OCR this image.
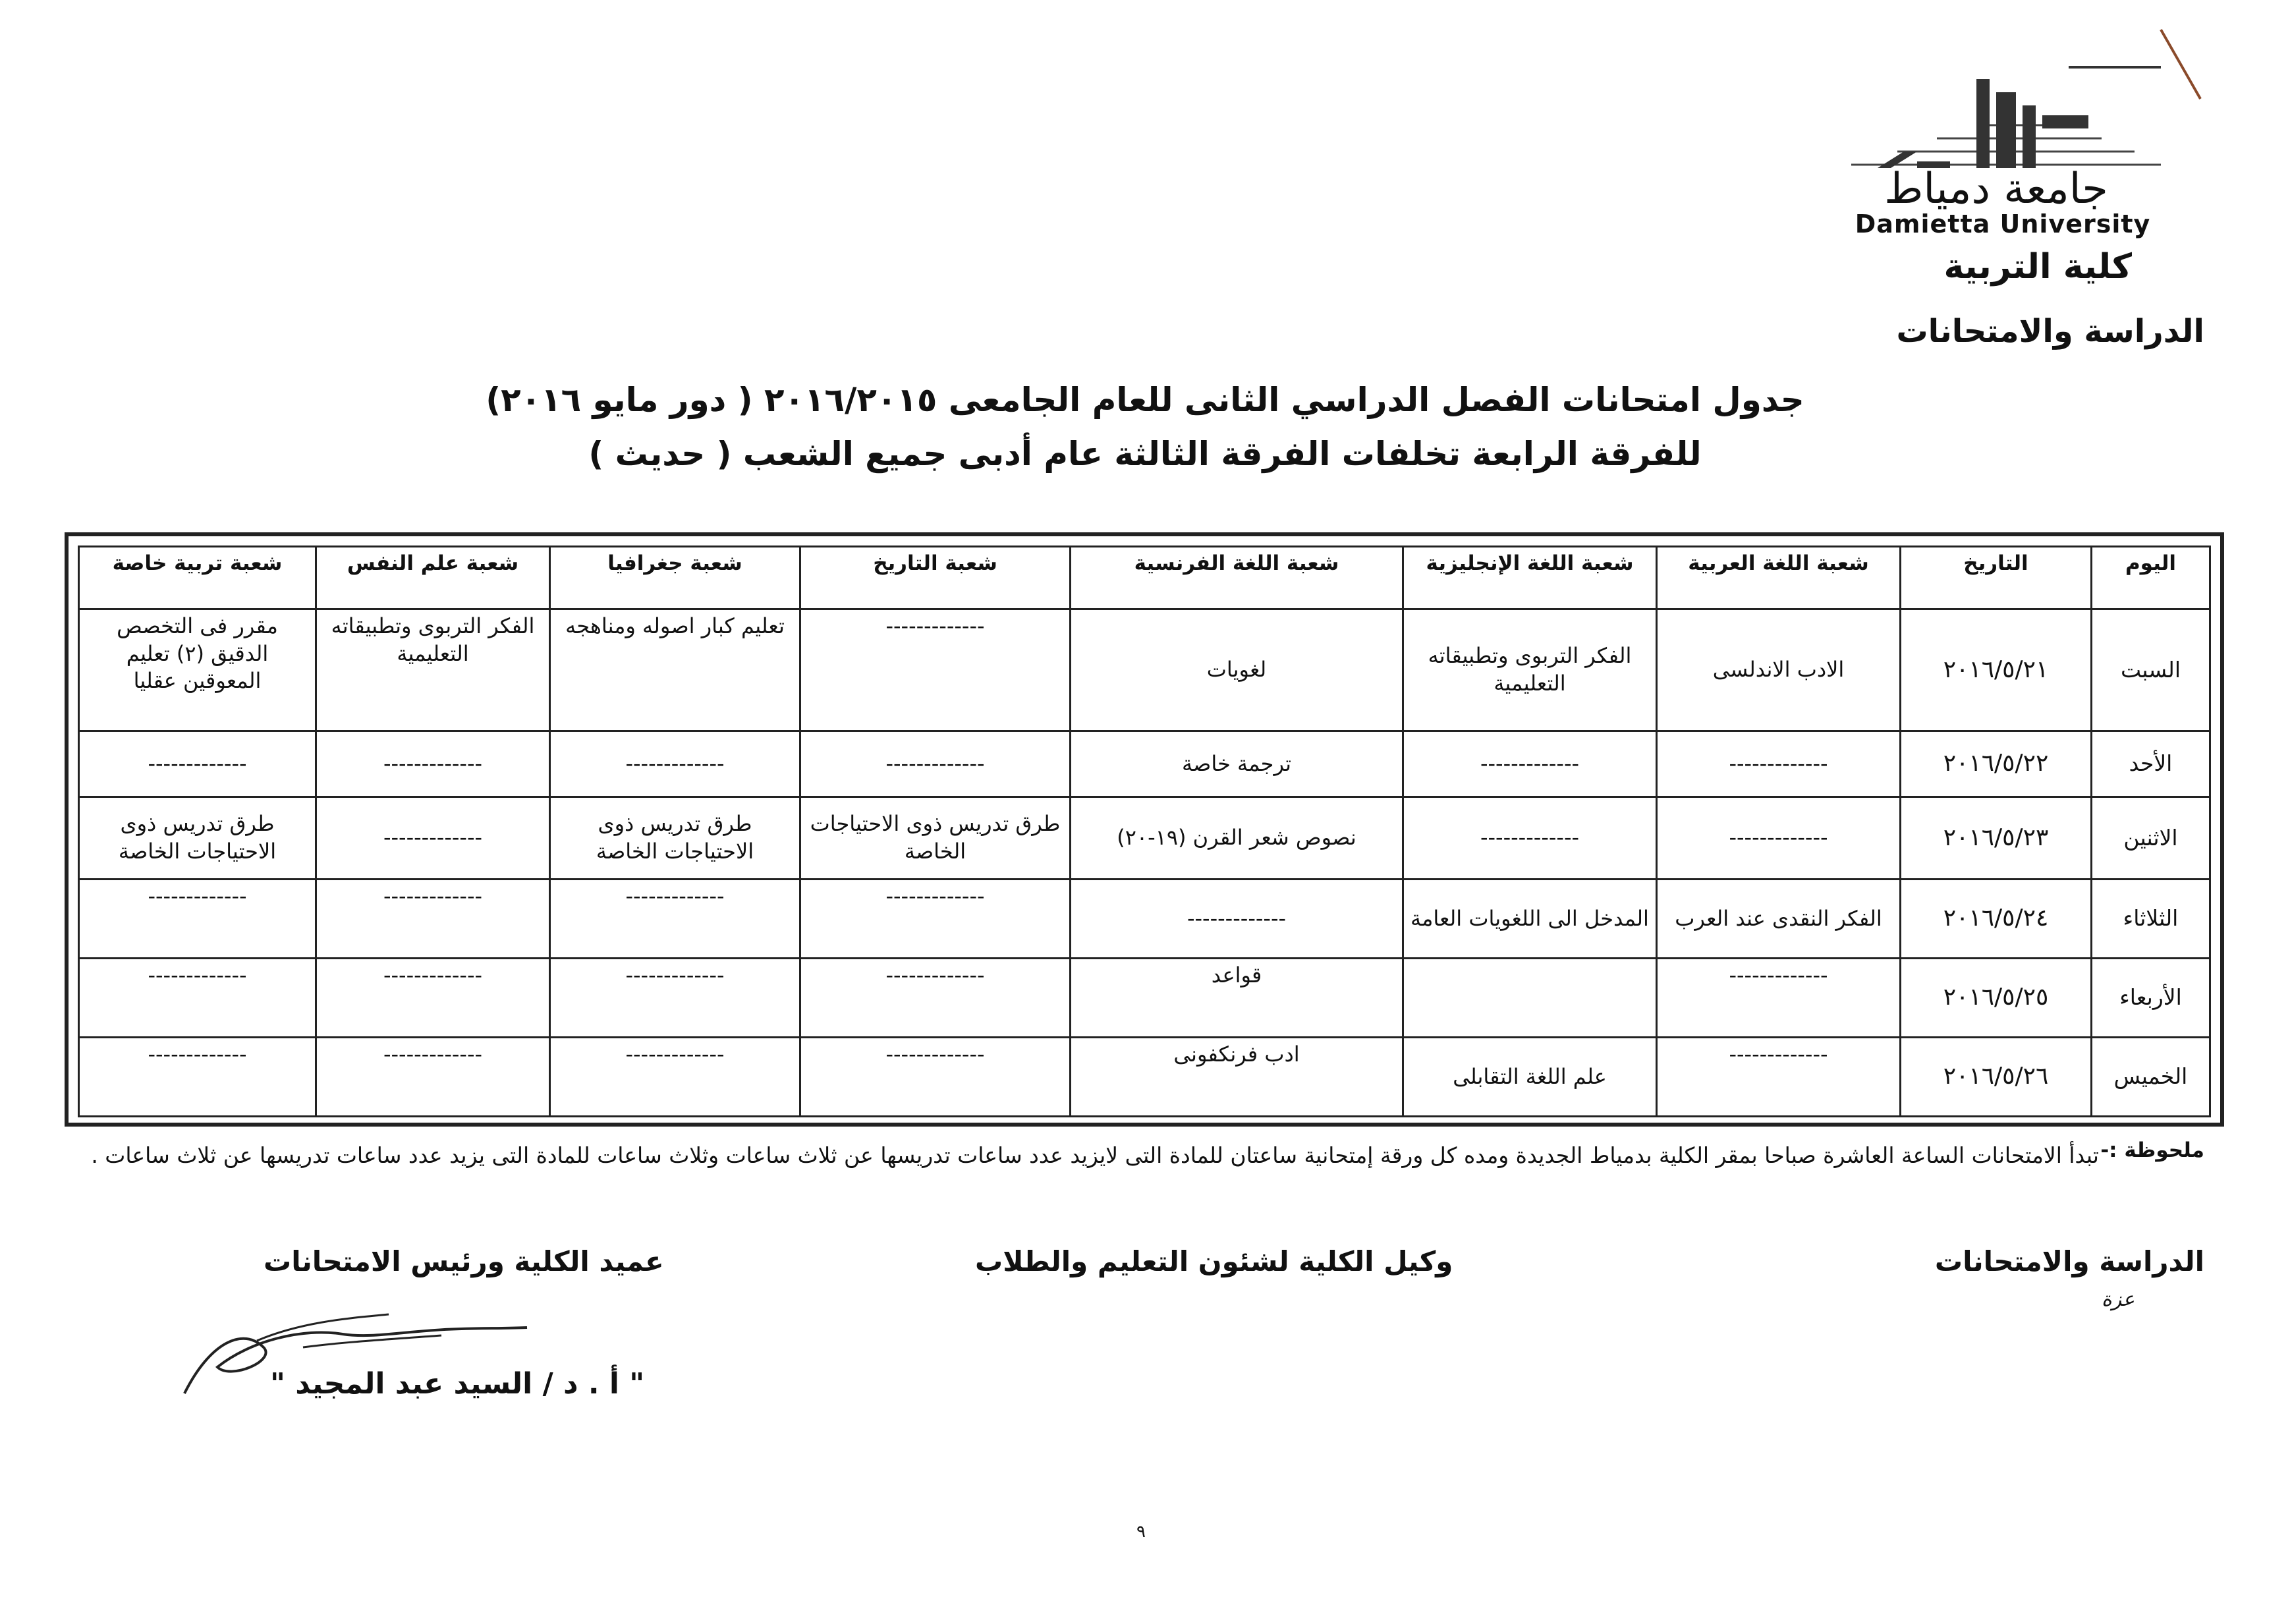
جامعة دمياط
Damietta University
كلية التربية
الدراسة والامتحانات
جدول امتحانات الفصل الدراسي الثانى للعام الجامعى ٢٠١٦/٢٠١٥ ( دور مايو ٢٠١٦)
للفرقة الرابعة تخلفات الفرقة الثالثة عام أدبى جميع الشعب ( حديث )
اليوم	التاريخ	شعبة اللغة العربية	شعبة اللغة الإنجليزية	شعبة اللغة الفرنسية	شعبة التاريخ	شعبة جغرافيا	شعبة علم النفس	شعبة تربية خاصة
السبت	٢٠١٦/٥/٢١	الادب الاندلسى	الفكر التربوى وتطبيقاته التعليمية	لغويات	-------------	تعليم كبار اصوله ومناهجه	الفكر التربوى وتطبيقاته التعليمية	مقرر فى التخصص الدقيق (٢) تعليم المعوقين عقليا
الأحد	٢٠١٦/٥/٢٢	-------------	-------------	ترجمة خاصة	-------------	-------------	-------------	-------------
الاثنين	٢٠١٦/٥/٢٣	-------------	-------------	نصوص شعر القرن (١٩-٢٠)	طرق تدريس ذوى الاحتياجات الخاصة	طرق تدريس ذوى الاحتياجات الخاصة	-------------	طرق تدريس ذوى الاحتياجات الخاصة
الثلاثاء	٢٠١٦/٥/٢٤	الفكر النقدى عند العرب	المدخل الى اللغويات العامة	-------------	-------------	-------------	-------------	-------------
الأربعاء	٢٠١٦/٥/٢٥	-------------		قواعد	-------------	-------------	-------------	-------------
الخميس	٢٠١٦/٥/٢٦	-------------	علم اللغة التقابلى	ادب فرنكفونى	-------------	-------------	-------------	-------------
ملحوظة :-
تبدأ الامتحانات الساعة العاشرة صباحا بمقر الكلية بدمياط الجديدة ومده كل ورقة إمتحانية ساعتان للمادة التى لايزيد عدد ساعات تدريسها عن ثلاث ساعات وثلاث ساعات للمادة التى يزيد عدد ساعات تدريسها عن ثلاث ساعات .
الدراسة والامتحانات
عزة
وكيل الكلية لشئون التعليم والطلاب
عميد الكلية ورئيس الامتحانات
" أ . د / السيد عبد المجيد "
٩
